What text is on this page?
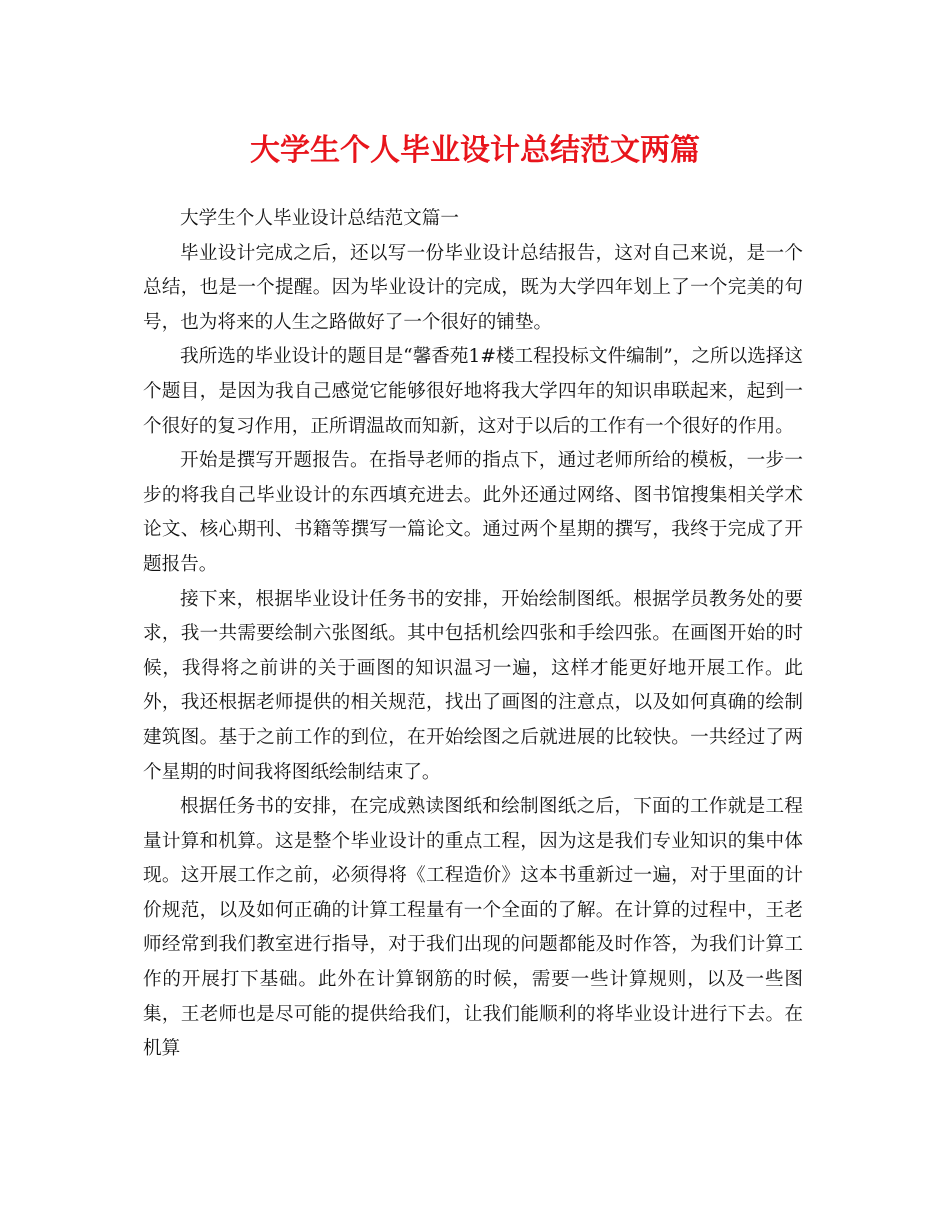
大学生个人毕业设计总结范文两篇

大学生个人毕业设计总结范文篇一

毕业设计完成之后，还以写一份毕业设计总结报告，这对自己来说，是一个总结，也是一个提醒。因为毕业设计的完成，既为大学四年划上了一个完美的句号，也为将来的人生之路做好了一个很好的铺垫。

我所选的毕业设计的题目是“馨香苑1#楼工程投标文件编制”，之所以选择这个题目，是因为我自己感觉它能够很好地将我大学四年的知识串联起来，起到一个很好的复习作用，正所谓温故而知新，这对于以后的工作有一个很好的作用。

开始是撰写开题报告。在指导老师的指点下，通过老师所给的模板，一步一步的将我自己毕业设计的东西填充进去。此外还通过网络、图书馆搜集相关学术论文、核心期刊、书籍等撰写一篇论文。通过两个星期的撰写，我终于完成了开题报告。

接下来，根据毕业设计任务书的安排，开始绘制图纸。根据学员教务处的要求，我一共需要绘制六张图纸。其中包括机绘四张和手绘四张。在画图开始的时候，我得将之前讲的关于画图的知识温习一遍，这样才能更好地开展工作。此外，我还根据老师提供的相关规范，找出了画图的注意点，以及如何真确的绘制建筑图。基于之前工作的到位，在开始绘图之后就进展的比较快。一共经过了两个星期的时间我将图纸绘制结束了。

根据任务书的安排，在完成熟读图纸和绘制图纸之后，下面的工作就是工程量计算和机算。这是整个毕业设计的重点工程，因为这是我们专业知识的集中体现。这开展工作之前，必须得将《工程造价》这本书重新过一遍，对于里面的计价规范，以及如何正确的计算工程量有一个全面的了解。在计算的过程中，王老师经常到我们教室进行指导，对于我们出现的问题都能及时作答，为我们计算工作的开展打下基础。此外在计算钢筋的时候，需要一些计算规则，以及一些图集，王老师也是尽可能的提供给我们，让我们能顺利的将毕业设计进行下去。在机算
